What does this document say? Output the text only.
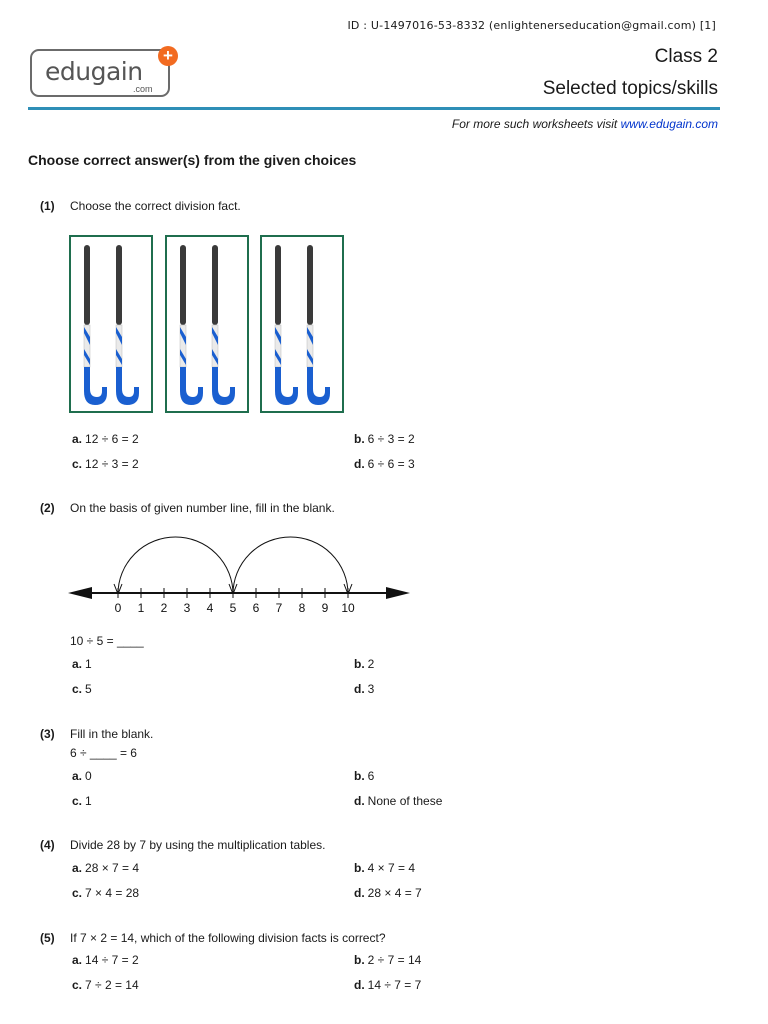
ID : U-1497016-53-8332 (enlightenerseducation@gmail.com) [1]
edugain
.com
+	Class 2
Selected topics/skills
For more such worksheets visit www.edugain.com
Choose correct answer(s) from the given choices
(1) Choose the correct division fact.
a. 12 ÷ 6 = 2	b. 6 ÷ 3 = 2
c. 12 ÷ 3 = 2	d. 6 ÷ 6 = 3
(2) On the basis of given number line, fill in the blank.
0 1 2 3 4 5 6 7 8 9 10
10 ÷ 5 = ____
a. 1	b. 2
c. 5	d. 3
(3) Fill in the blank.
6 ÷ ____ = 6
a. 0	b. 6
c. 1	d. None of these
(4) Divide 28 by 7 by using the multiplication tables.
a. 28 × 7 = 4	b. 4 × 7 = 4
c. 7 × 4 = 28	d. 28 × 4 = 7
(5) If 7 × 2 = 14, which of the following division facts is correct?
a. 14 ÷ 7 = 2	b. 2 ÷ 7 = 14
c. 7 ÷ 2 = 14	d. 14 ÷ 7 = 7
